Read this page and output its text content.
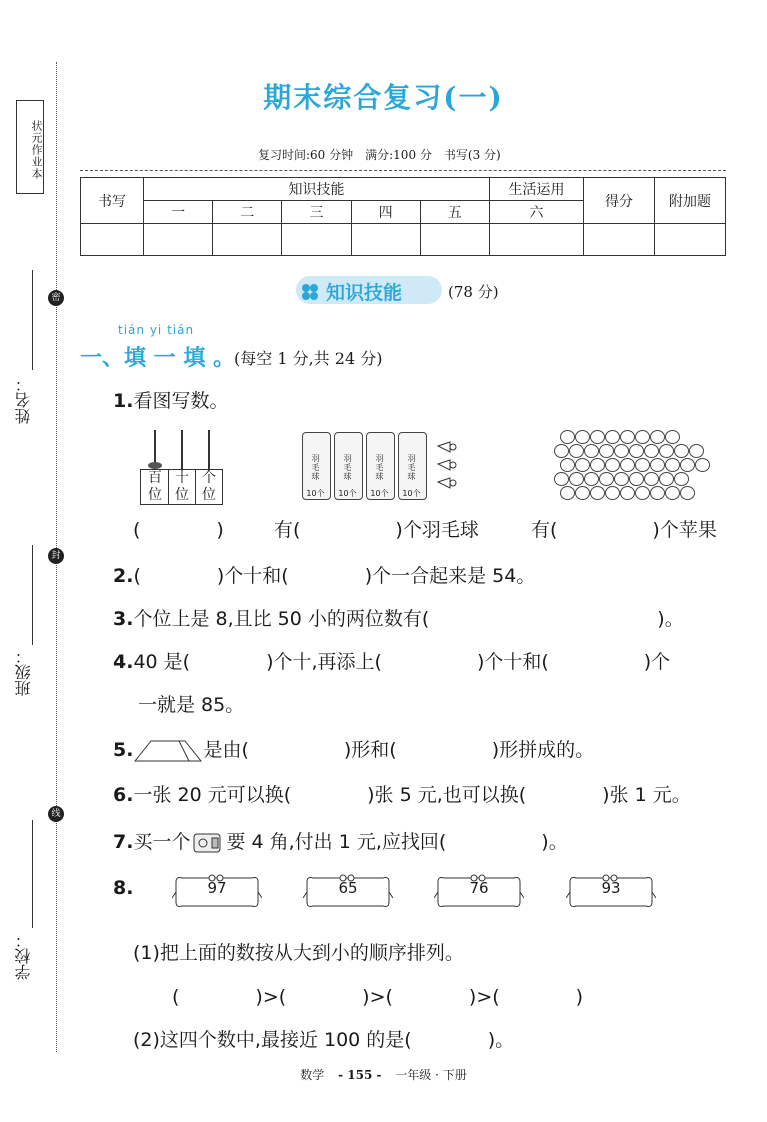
状元作业本
密
封
线
姓名：
班级：
学校：
期末综合复习(一)
复习时间:60 分钟　满分:100 分　书写(3 分)
书写	知识技能					生活运用	得分	附加题
	一	二	三	四	五	六		

知识技能	(78 分)
tián yi tián
一、填 一 填 。 (每空 1 分,共 24 分)
1.看图写数。
百
位
十
位
个
位
羽
毛
球
羽
毛
球
羽
毛
球
羽
毛
球
10个	10个	10个	10个
(　　　　)	有(　　　　　)个羽毛球	有(　　　　　)个苹果
2.(　　　　)个十和(　　　　)个一合起来是 54。
3.个位上是 8,且比 50 小的两位数有(　　　　　　　　　　　　)。
4.40 是(　　　　)个十,再添上(　　　　　)个十和(　　　　　)个
一就是 85。
5.	是由(　　　　　)形和(　　　　　)形拼成的。
6.一张 20 元可以换(　　　　)张 5 元,也可以换(　　　　)张 1 元。
7.买一个 要 4 角,付出 1 元,应找回(　　　　　)。
8.	97	65	76	93
(1)把上面的数按从大到小的顺序排列。
(　　　　)>(　　　　)>(　　　　)>(　　　　)
(2)这四个数中,最接近 100 的是(　　　　)。
数学 - 155 - 一年级 · 下册
